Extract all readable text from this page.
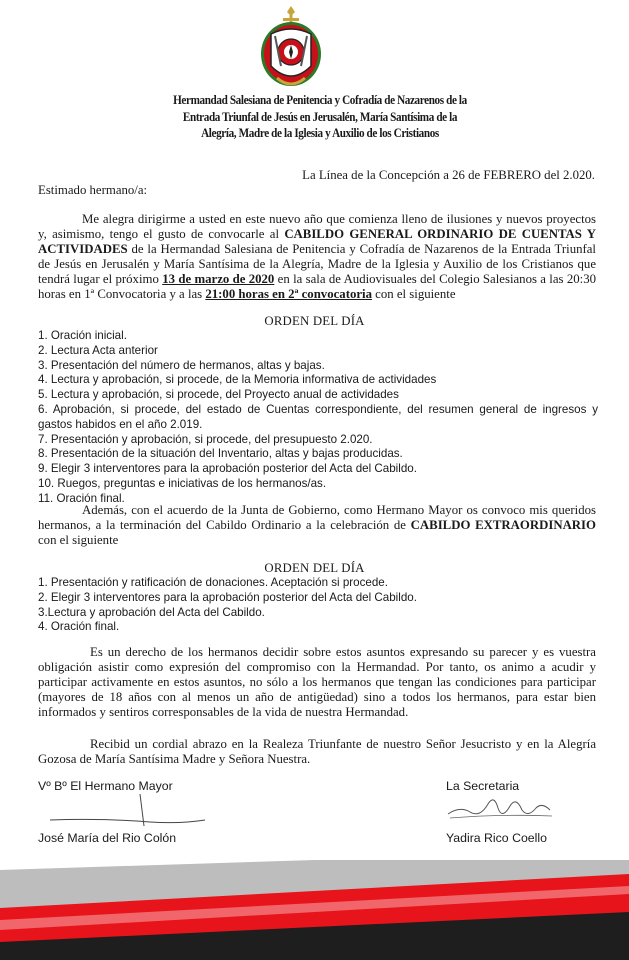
Hermandad Salesiana de Penitencia y Cofradía de Nazarenos de la
Entrada Triunfal de Jesús en Jerusalén, María Santísima de la
Alegría, Madre de la Iglesia y Auxilio de los Cristianos
La Línea de la Concepción a 26 de FEBRERO del 2.020.
Estimado hermano/a:

Me alegra dirigirme a usted en este nuevo año que comienza lleno de ilusiones y nuevos proyectos y, asimismo, tengo el gusto de convocarle al CABILDO GENERAL ORDINARIO DE CUENTAS Y ACTIVIDADES de la Hermandad Salesiana de Penitencia y Cofradía de Nazarenos de la Entrada Triunfal de Jesús en Jerusalén y María Santísima de la Alegría, Madre de la Iglesia y Auxilio de los Cristianos que tendrá lugar el próximo 13 de marzo de 2020 en la sala de Audiovisuales del Colegio Salesianos a las 20:30 horas en 1ª Convocatoria y a las 21:00 horas en 2ª convocatoria con el siguiente

ORDEN DEL DÍA
1. Oración inicial.
2. Lectura Acta anterior
3. Presentación del número de hermanos, altas y bajas.
4. Lectura y aprobación, si procede, de la Memoria informativa de actividades
5. Lectura y aprobación, si procede, del Proyecto anual de actividades
6. Aprobación, si procede, del estado de Cuentas correspondiente, del resumen general de ingresos y gastos habidos en el año 2.019.
7. Presentación y aprobación, si procede, del presupuesto 2.020.
8. Presentación de la situación del Inventario, altas y bajas producidas.
9. Elegir 3 interventores para la aprobación posterior del Acta del Cabildo.
10. Ruegos, preguntas e iniciativas de los hermanos/as.
11. Oración final.

Además, con el acuerdo de la Junta de Gobierno, como Hermano Mayor os convoco mis queridos hermanos, a la terminación del Cabildo Ordinario a la celebración de CABILDO EXTRAORDINARIO con el siguiente

ORDEN DEL DÍA
1. Presentación y ratificación de donaciones. Aceptación si procede.
2. Elegir 3 interventores para la aprobación posterior del Acta del Cabildo.
3.Lectura y aprobación del Acta del Cabildo.
4. Oración final.

Es un derecho de los hermanos decidir sobre estos asuntos expresando su parecer y es vuestra obligación asistir como expresión del compromiso con la Hermandad. Por tanto, os animo a acudir y participar activamente en estos asuntos, no sólo a los hermanos que tengan las condiciones para participar (mayores de 18 años con al menos un año de antigüedad) sino a todos los hermanos, para estar bien informados y sentiros corresponsables de la vida de nuestra Hermandad.

Recibid un cordial abrazo en la Realeza Triunfante de nuestro Señor Jesucristo y en la Alegría Gozosa de María Santísima Madre y Señora Nuestra.

Vº Bº El Hermano Mayor
José María del Rio Colón
La Secretaria
Yadira Rico Coello
